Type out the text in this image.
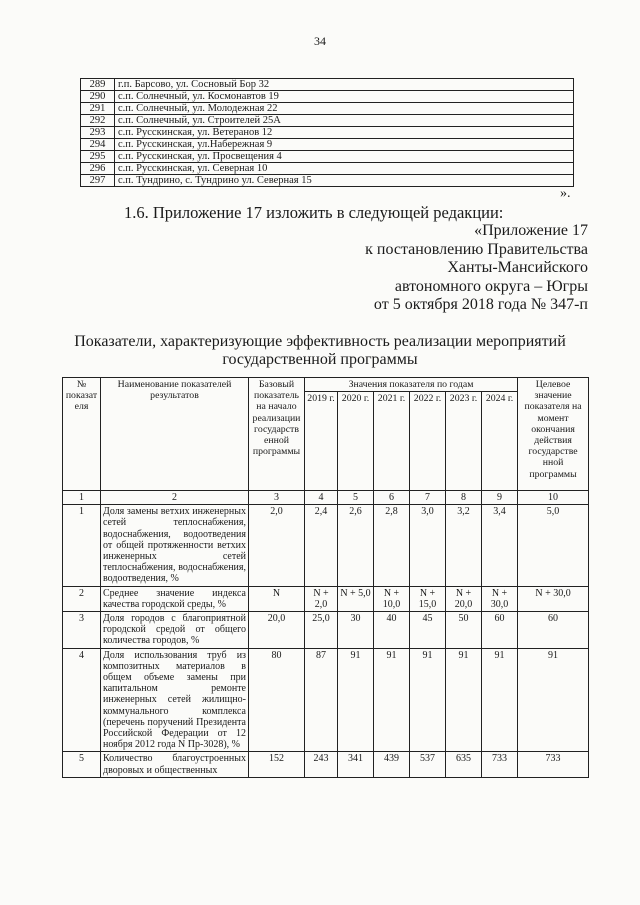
34
289	г.п. Барсово, ул. Сосновый Бор 32
290	с.п. Солнечный, ул. Космонавтов 19
291	с.п. Солнечный, ул. Молодежная 22
292	с.п. Солнечный, ул. Строителей 25А
293	с.п. Русскинская, ул. Ветеранов 12
294	с.п. Русскинская, ул.Набережная 9
295	с.п. Русскинская, ул. Просвещения 4
296	с.п. Русскинская, ул. Северная 10
297	с.п. Тундрино, с. Тундрино ул. Северная 15
».
1.6. Приложение 17 изложить в следующей редакции:
«Приложение 17
к постановлению Правительства
Ханты-Мансийского
автономного округа – Югры
от 5 октября 2018 года № 347-п
Показатели, характеризующие эффективность реализации мероприятий
государственной программы
№ показат еля	Наименование показателей результатов	Базовый показатель на начало реализации государств енной программы	Значения показателя по годам						Целевое значение показателя на момент окончания действия государстве нной программы
			2019 г.	2020 г.	2021 г.	2022 г.	2023 г.	2024 г.	
1	2	3	4	5	6	7	8	9	10
1	Доля замены ветхих инженерных сетей теплоснабжения, водоснабжения, водоотведения от общей протяженности ветхих инженерных сетей теплоснабжения, водоснабжения, водоотведения, %	2,0	2,4	2,6	2,8	3,0	3,2	3,4	5,0
2	Среднее значение индекса качества городской среды, %	N	N + 2,0	N + 5,0	N + 10,0	N + 15,0	N + 20,0	N + 30,0	N + 30,0
3	Доля городов с благоприятной городской средой от общего количества городов, %	20,0	25,0	30	40	45	50	60	60
4	Доля использования труб из композитных материалов в общем объеме замены при капитальном ремонте инженерных сетей жилищно-коммунального комплекса (перечень поручений Президента Российской Федерации от 12 ноября 2012 года N Пр-3028), %	80	87	91	91	91	91	91	91
5	Количество благоустроенных дворовых и общественных	152	243	341	439	537	635	733	733
